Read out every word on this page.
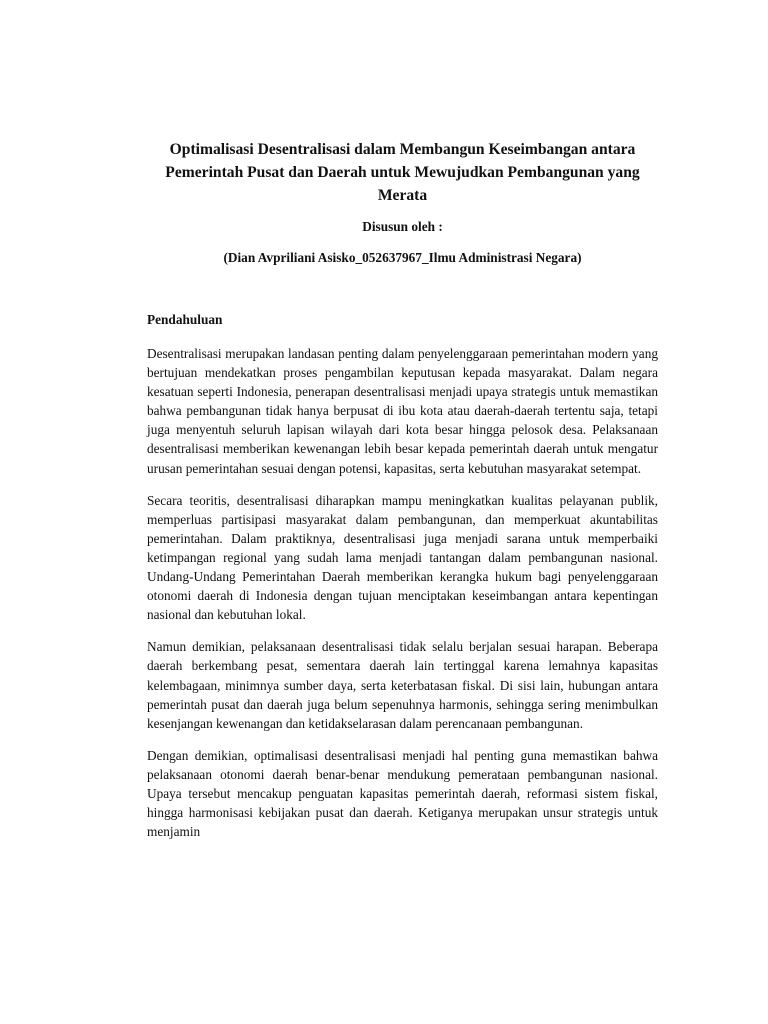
Optimalisasi Desentralisasi dalam Membangun Keseimbangan antara Pemerintah Pusat dan Daerah untuk Mewujudkan Pembangunan yang Merata

Disusun oleh :

(Dian Avpriliani Asisko_052637967_Ilmu Administrasi Negara)

Pendahuluan

Desentralisasi merupakan landasan penting dalam penyelenggaraan pemerintahan modern yang bertujuan mendekatkan proses pengambilan keputusan kepada masyarakat. Dalam negara kesatuan seperti Indonesia, penerapan desentralisasi menjadi upaya strategis untuk memastikan bahwa pembangunan tidak hanya berpusat di ibu kota atau daerah-daerah tertentu saja, tetapi juga menyentuh seluruh lapisan wilayah dari kota besar hingga pelosok desa. Pelaksanaan desentralisasi memberikan kewenangan lebih besar kepada pemerintah daerah untuk mengatur urusan pemerintahan sesuai dengan potensi, kapasitas, serta kebutuhan masyarakat setempat.

Secara teoritis, desentralisasi diharapkan mampu meningkatkan kualitas pelayanan publik, memperluas partisipasi masyarakat dalam pembangunan, dan memperkuat akuntabilitas pemerintahan. Dalam praktiknya, desentralisasi juga menjadi sarana untuk memperbaiki ketimpangan regional yang sudah lama menjadi tantangan dalam pembangunan nasional. Undang-Undang Pemerintahan Daerah memberikan kerangka hukum bagi penyelenggaraan otonomi daerah di Indonesia dengan tujuan menciptakan keseimbangan antara kepentingan nasional dan kebutuhan lokal.

Namun demikian, pelaksanaan desentralisasi tidak selalu berjalan sesuai harapan. Beberapa daerah berkembang pesat, sementara daerah lain tertinggal karena lemahnya kapasitas kelembagaan, minimnya sumber daya, serta keterbatasan fiskal. Di sisi lain, hubungan antara pemerintah pusat dan daerah juga belum sepenuhnya harmonis, sehingga sering menimbulkan kesenjangan kewenangan dan ketidakselarasan dalam perencanaan pembangunan.

Dengan demikian, optimalisasi desentralisasi menjadi hal penting guna memastikan bahwa pelaksanaan otonomi daerah benar-benar mendukung pemerataan pembangunan nasional. Upaya tersebut mencakup penguatan kapasitas pemerintah daerah, reformasi sistem fiskal, hingga harmonisasi kebijakan pusat dan daerah. Ketiganya merupakan unsur strategis untuk menjamin
